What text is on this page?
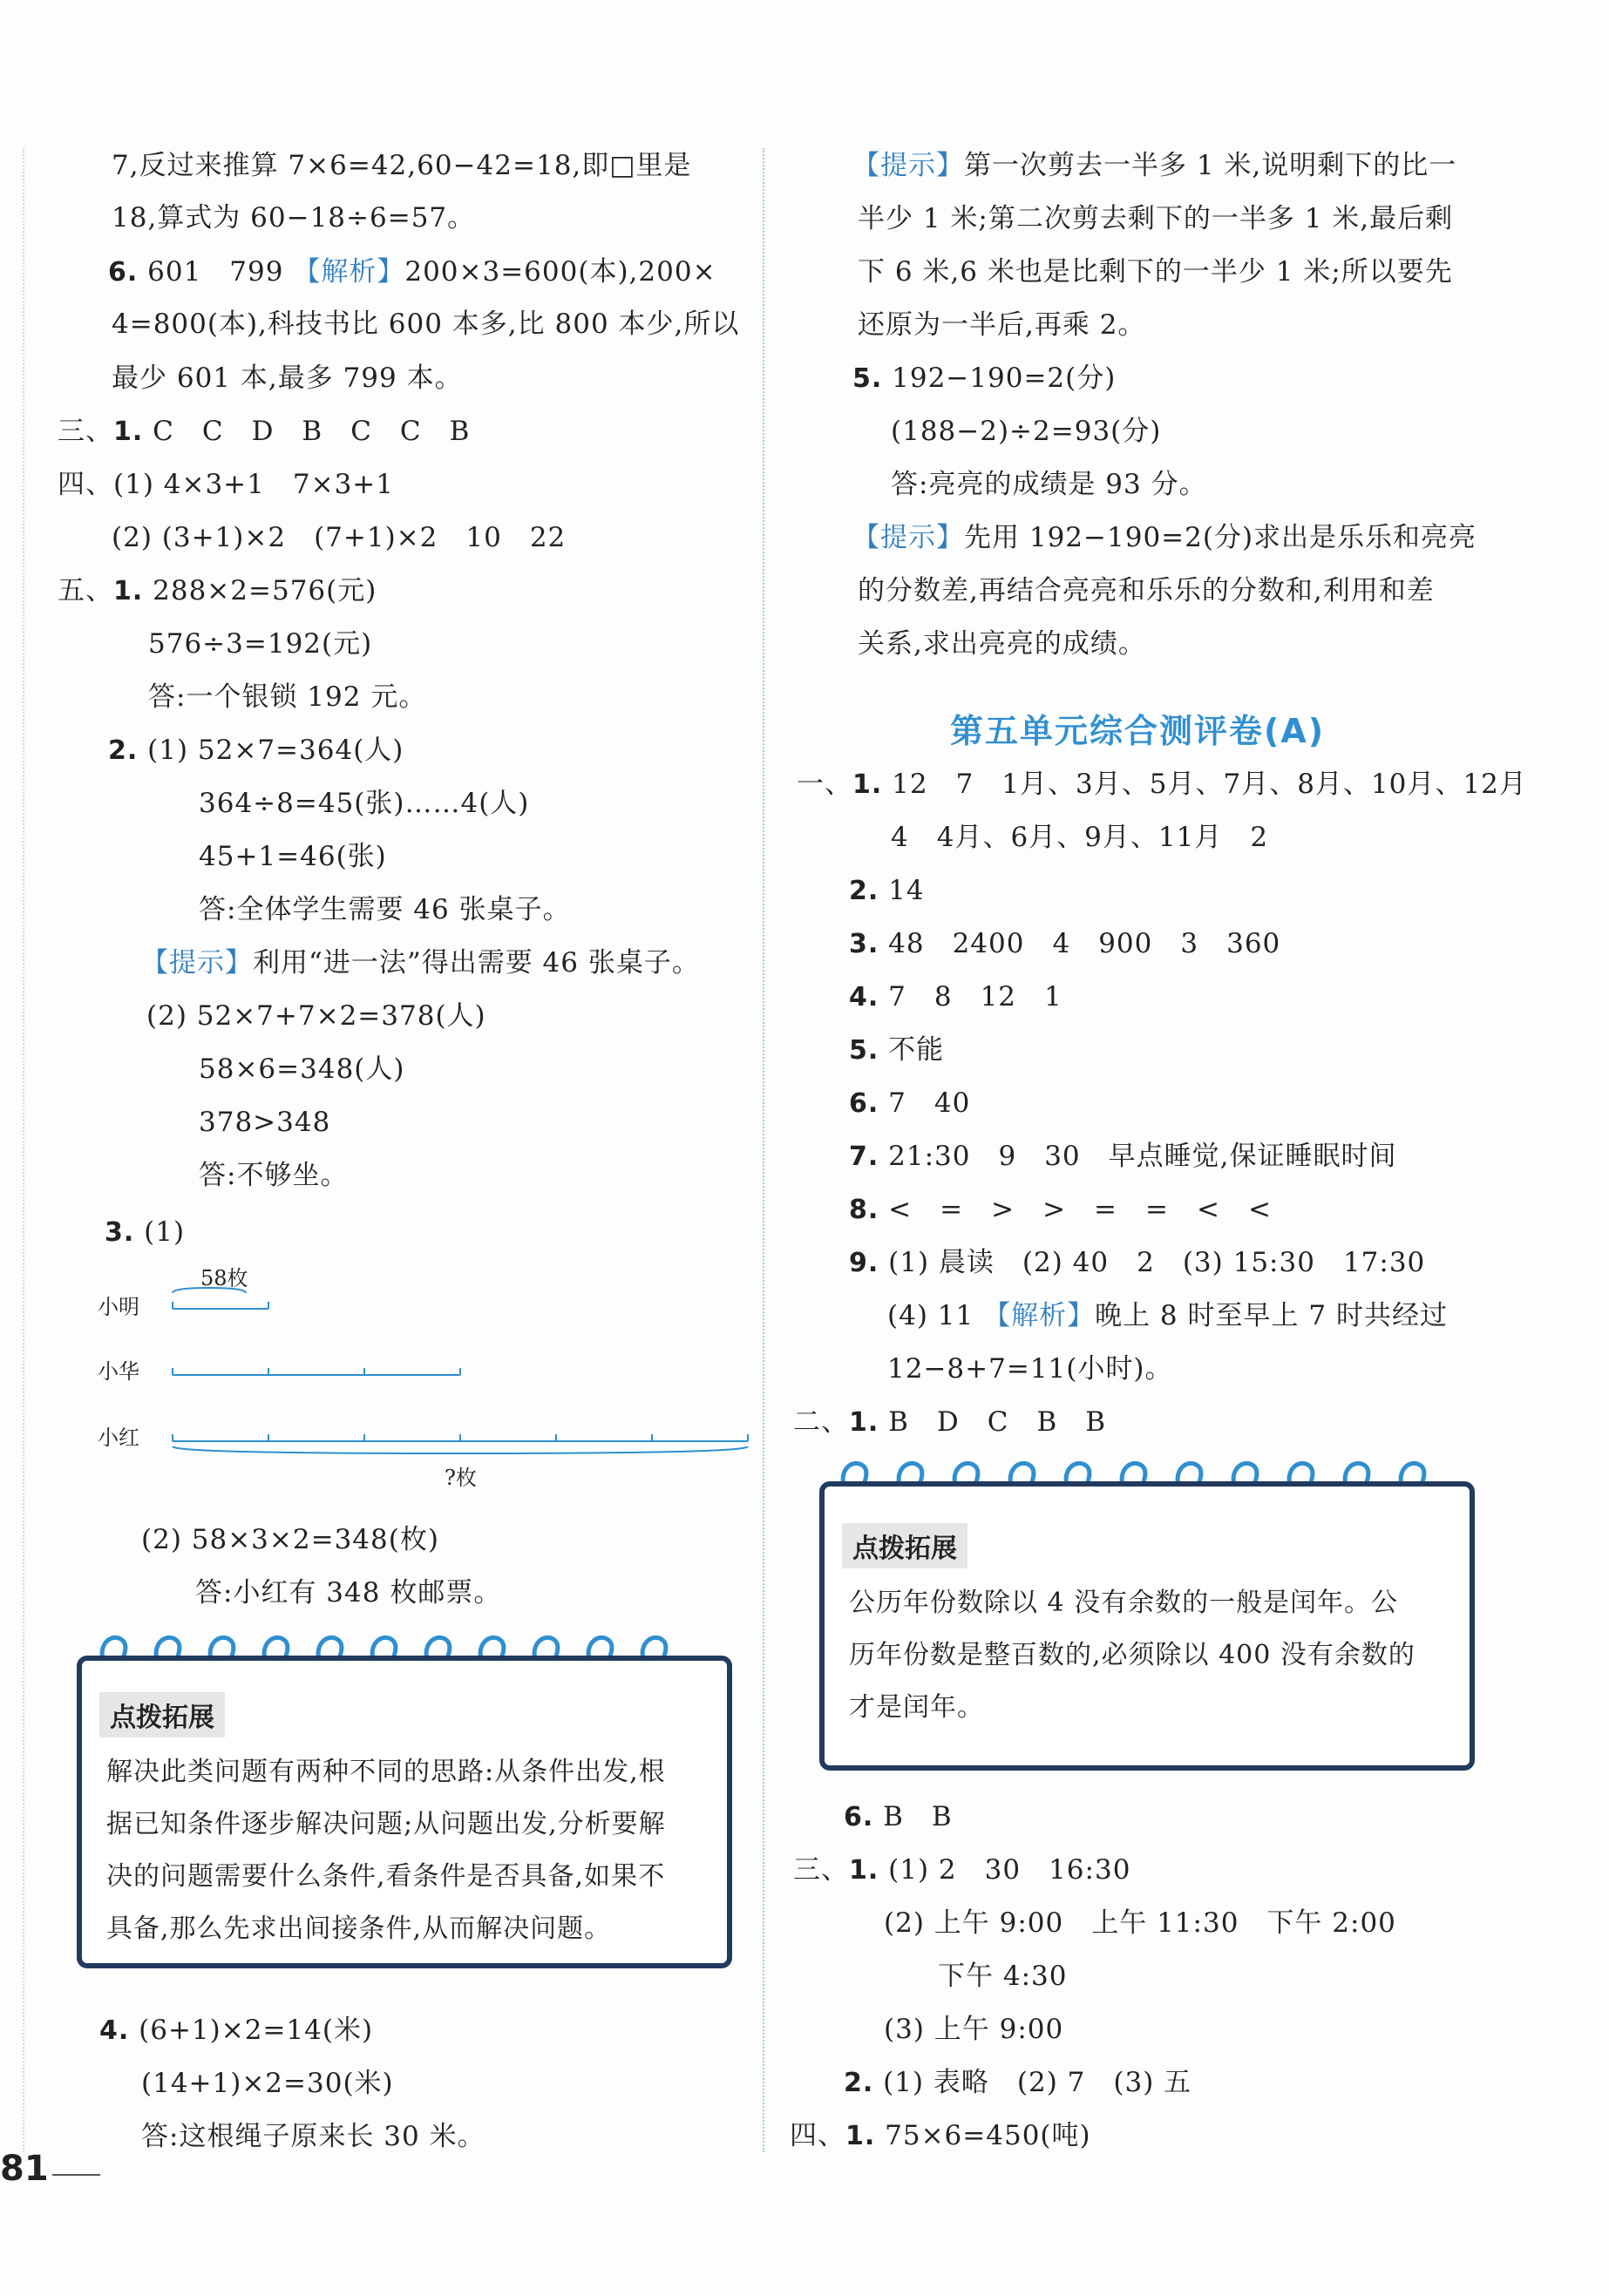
7,反过来推算 7×6=42,60−42=18,即□里是
18,算式为 60−18÷6=57。
6. 601　799 【解析】200×3=600(本),200×
4=800(本),科技书比 600 本多,比 800 本少,所以
最少 601 本,最多 799 本。
三、1. C　C　D　B　C　C　B
四、(1) 4×3+1　7×3+1
(2) (3+1)×2　(7+1)×2　10　22
五、1. 288×2=576(元)
576÷3=192(元)
答:一个银锁 192 元。
2. (1) 52×7=364(人)
364÷8=45(张)……4(人)
45+1=46(张)
答:全体学生需要 46 张桌子。
【提示】利用“进一法”得出需要 46 张桌子。
(2) 52×7+7×2=378(人)
58×6=348(人)
378>348
答:不够坐。
3. (1)
58枚
小明
小华
小红
?枚
(2) 58×3×2=348(枚)
答:小红有 348 枚邮票。
点拨拓展
解决此类问题有两种不同的思路:从条件出发,根
据已知条件逐步解决问题;从问题出发,分析要解
决的问题需要什么条件,看条件是否具备,如果不
具备,那么先求出间接条件,从而解决问题。
4. (6+1)×2=14(米)
(14+1)×2=30(米)
答:这根绳子原来长 30 米。
81
【提示】第一次剪去一半多 1 米,说明剩下的比一
半少 1 米;第二次剪去剩下的一半多 1 米,最后剩
下 6 米,6 米也是比剩下的一半少 1 米;所以要先
还原为一半后,再乘 2。
5. 192−190=2(分)
(188−2)÷2=93(分)
答:亮亮的成绩是 93 分。
【提示】先用 192−190=2(分)求出是乐乐和亮亮
的分数差,再结合亮亮和乐乐的分数和,利用和差
关系,求出亮亮的成绩。
第五单元综合测评卷(A)
一、1. 12　7　1月、3月、5月、7月、8月、10月、12月
4　4月、6月、9月、11月　2
2. 14
3. 48　2400　4　900　3　360
4. 7　8　12　1
5. 不能
6. 7　40
7. 21:30　9　30　早点睡觉,保证睡眠时间
8. <　=　>　>　=　=　<　<
9. (1) 晨读　(2) 40　2　(3) 15:30　17:30
(4) 11 【解析】晚上 8 时至早上 7 时共经过
12−8+7=11(小时)。
二、1. B　D　C　B　B
点拨拓展
公历年份数除以 4 没有余数的一般是闰年。公
历年份数是整百数的,必须除以 400 没有余数的
才是闰年。
6. B　B
三、1. (1) 2　30　16:30
(2) 上午 9:00　上午 11:30　下午 2:00
下午 4:30
(3) 上午 9:00
2. (1) 表略　(2) 7　(3) 五
四、1. 75×6=450(吨)
